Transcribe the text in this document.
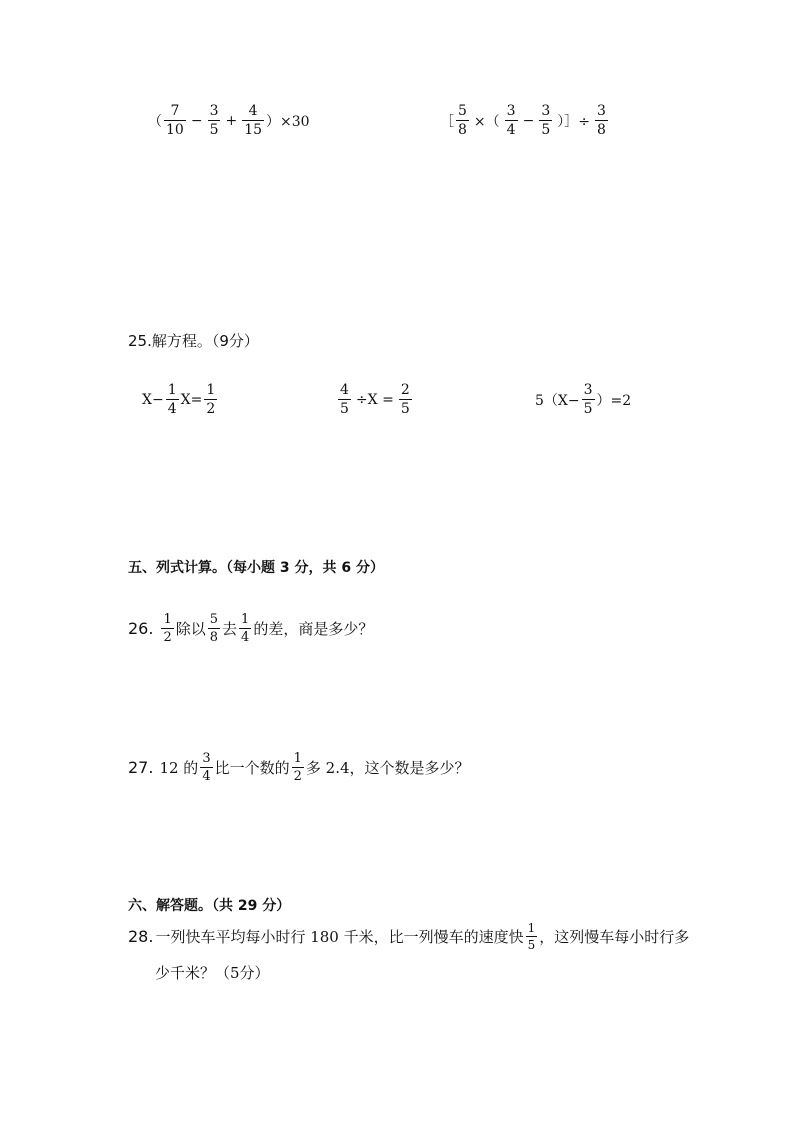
（ $\frac{7}{10} - \frac{3}{5} + \frac{4}{15} )\times 30$	［ $\frac{5}{8}$ ×（ $\frac{3}{4} - \frac{3}{5}$ ）］÷ $\frac{3}{8}$
25.解方程。（9分）
$X- \frac{1}{4} X= \frac{1}{2}$	$\frac{4}{5} \div X = \frac{2}{5}$	$5(X- \frac{3}{5} )=2$
五、列式计算。（每小题 3 分，共 6 分）
26. $\frac{1}{2}$ 除以 $\frac{5}{8}$ 去 $\frac{1}{4}$ 的差，商是多少？
27. 12 的 $\frac{3}{4}$ 比一个数的 $\frac{1}{2}$ 多 2.4，这个数是多少？
六、解答题。（共 29 分）
28. 一列快车平均每小时行 180 千米，比一列慢车的速度快 $\frac{1}{5}$ ，这列慢车每小时行多
少千米？（5分）
